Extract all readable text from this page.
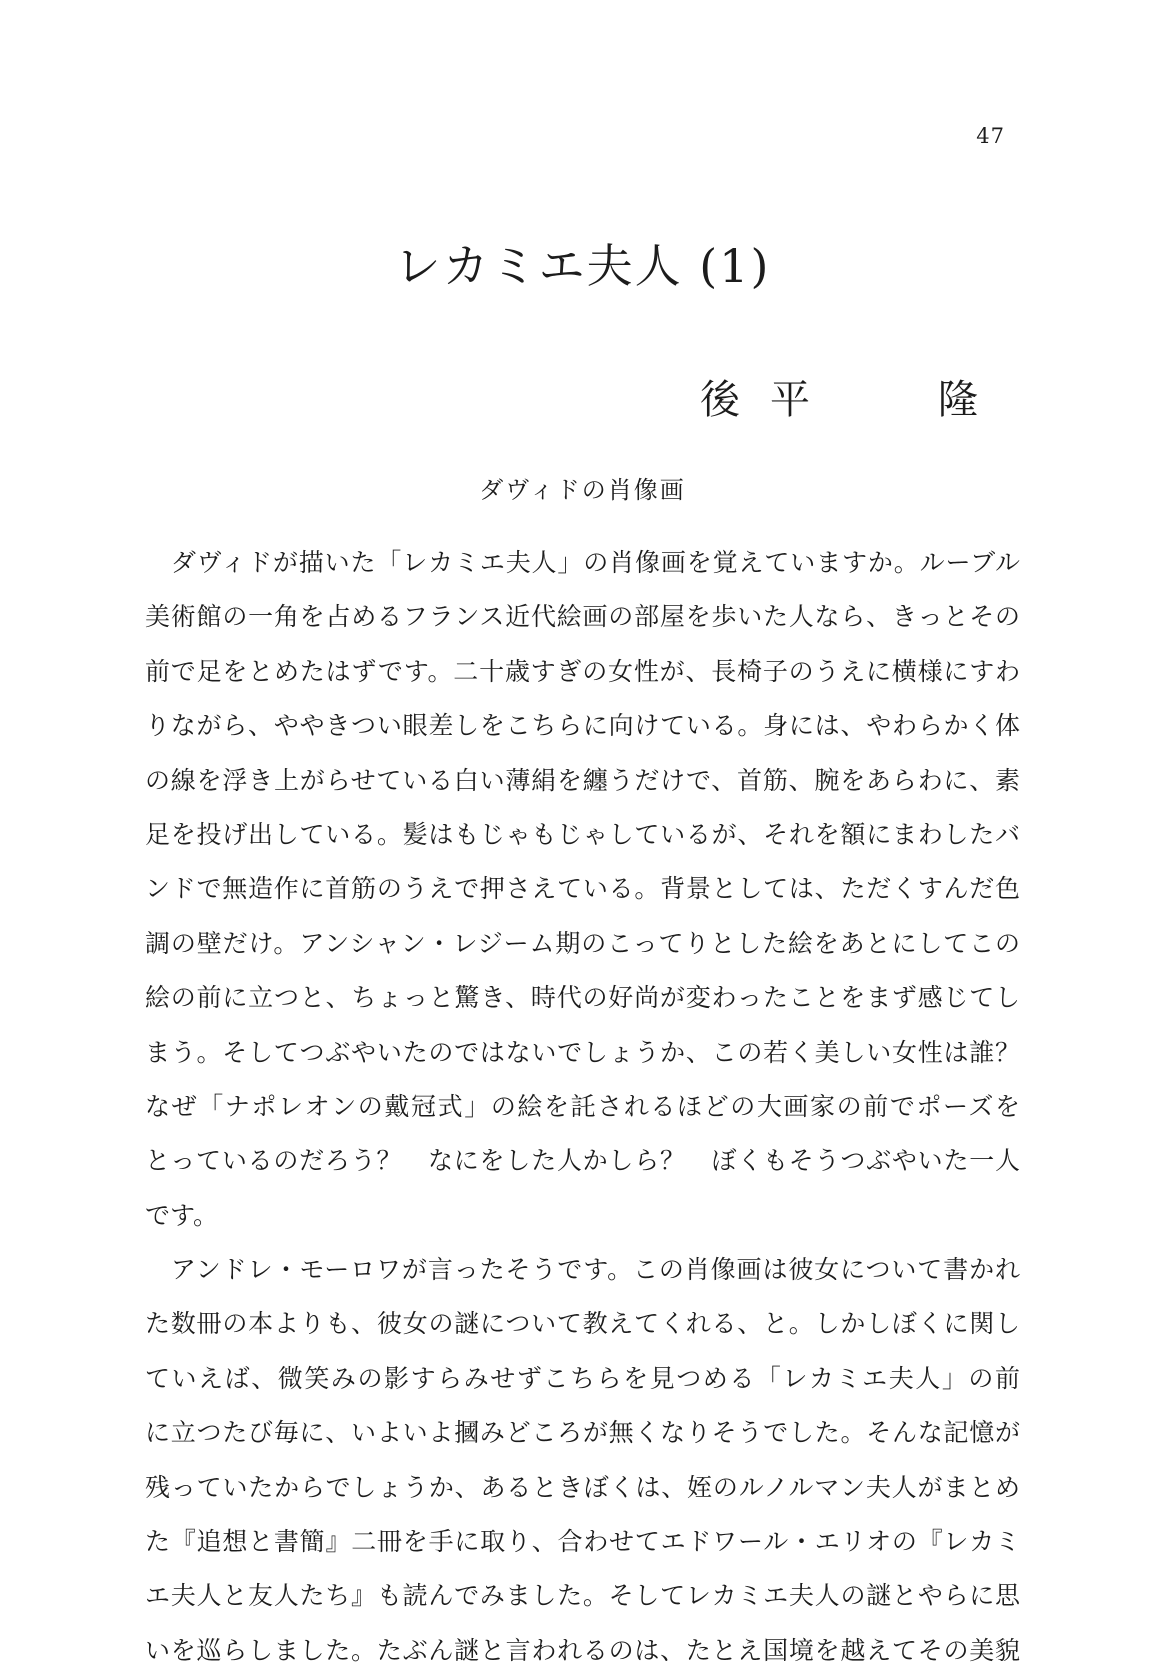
47
レカミエ夫人 (1)
後 平	隆
ダヴィドの肖像画
　ダヴィドが描いた「レカミエ夫人」の肖像画を覚えていますか。ルーブル
美術館の一角を占めるフランス近代絵画の部屋を歩いた人なら、きっとその
前で足をとめたはずです。二十歳すぎの女性が、長椅子のうえに横様にすわ
りながら、ややきつい眼差しをこちらに向けている。身には、やわらかく体
の線を浮き上がらせている白い薄絹を纏うだけで、首筋、腕をあらわに、素
足を投げ出している。髪はもじゃもじゃしているが、それを額にまわしたバ
ンドで無造作に首筋のうえで押さえている。背景としては、ただくすんだ色
調の壁だけ。アンシャン・レジーム期のこってりとした絵をあとにしてこの
絵の前に立つと、ちょっと驚き、時代の好尚が変わったことをまず感じてし
まう。そしてつぶやいたのではないでしょうか、この若く美しい女性は誰？
なぜ「ナポレオンの戴冠式」の絵を託されるほどの大画家の前でポーズを
とっているのだろう？　なにをした人かしら？　ぼくもそうつぶやいた一人
です。
　アンドレ・モーロワが言ったそうです。この肖像画は彼女について書かれ
た数冊の本よりも、彼女の謎について教えてくれる、と。しかしぼくに関し
ていえば、微笑みの影すらみせずこちらを見つめる「レカミエ夫人」の前
に立つたび毎に、いよいよ摑みどころが無くなりそうでした。そんな記憶が
残っていたからでしょうか、あるときぼくは、姪のルノルマン夫人がまとめ
た『追想と書簡』二冊を手に取り、合わせてエドワール・エリオの『レカミ
エ夫人と友人たち』も読んでみました。そしてレカミエ夫人の謎とやらに思
いを巡らしました。たぶん謎と言われるのは、たとえ国境を越えてその美貌
